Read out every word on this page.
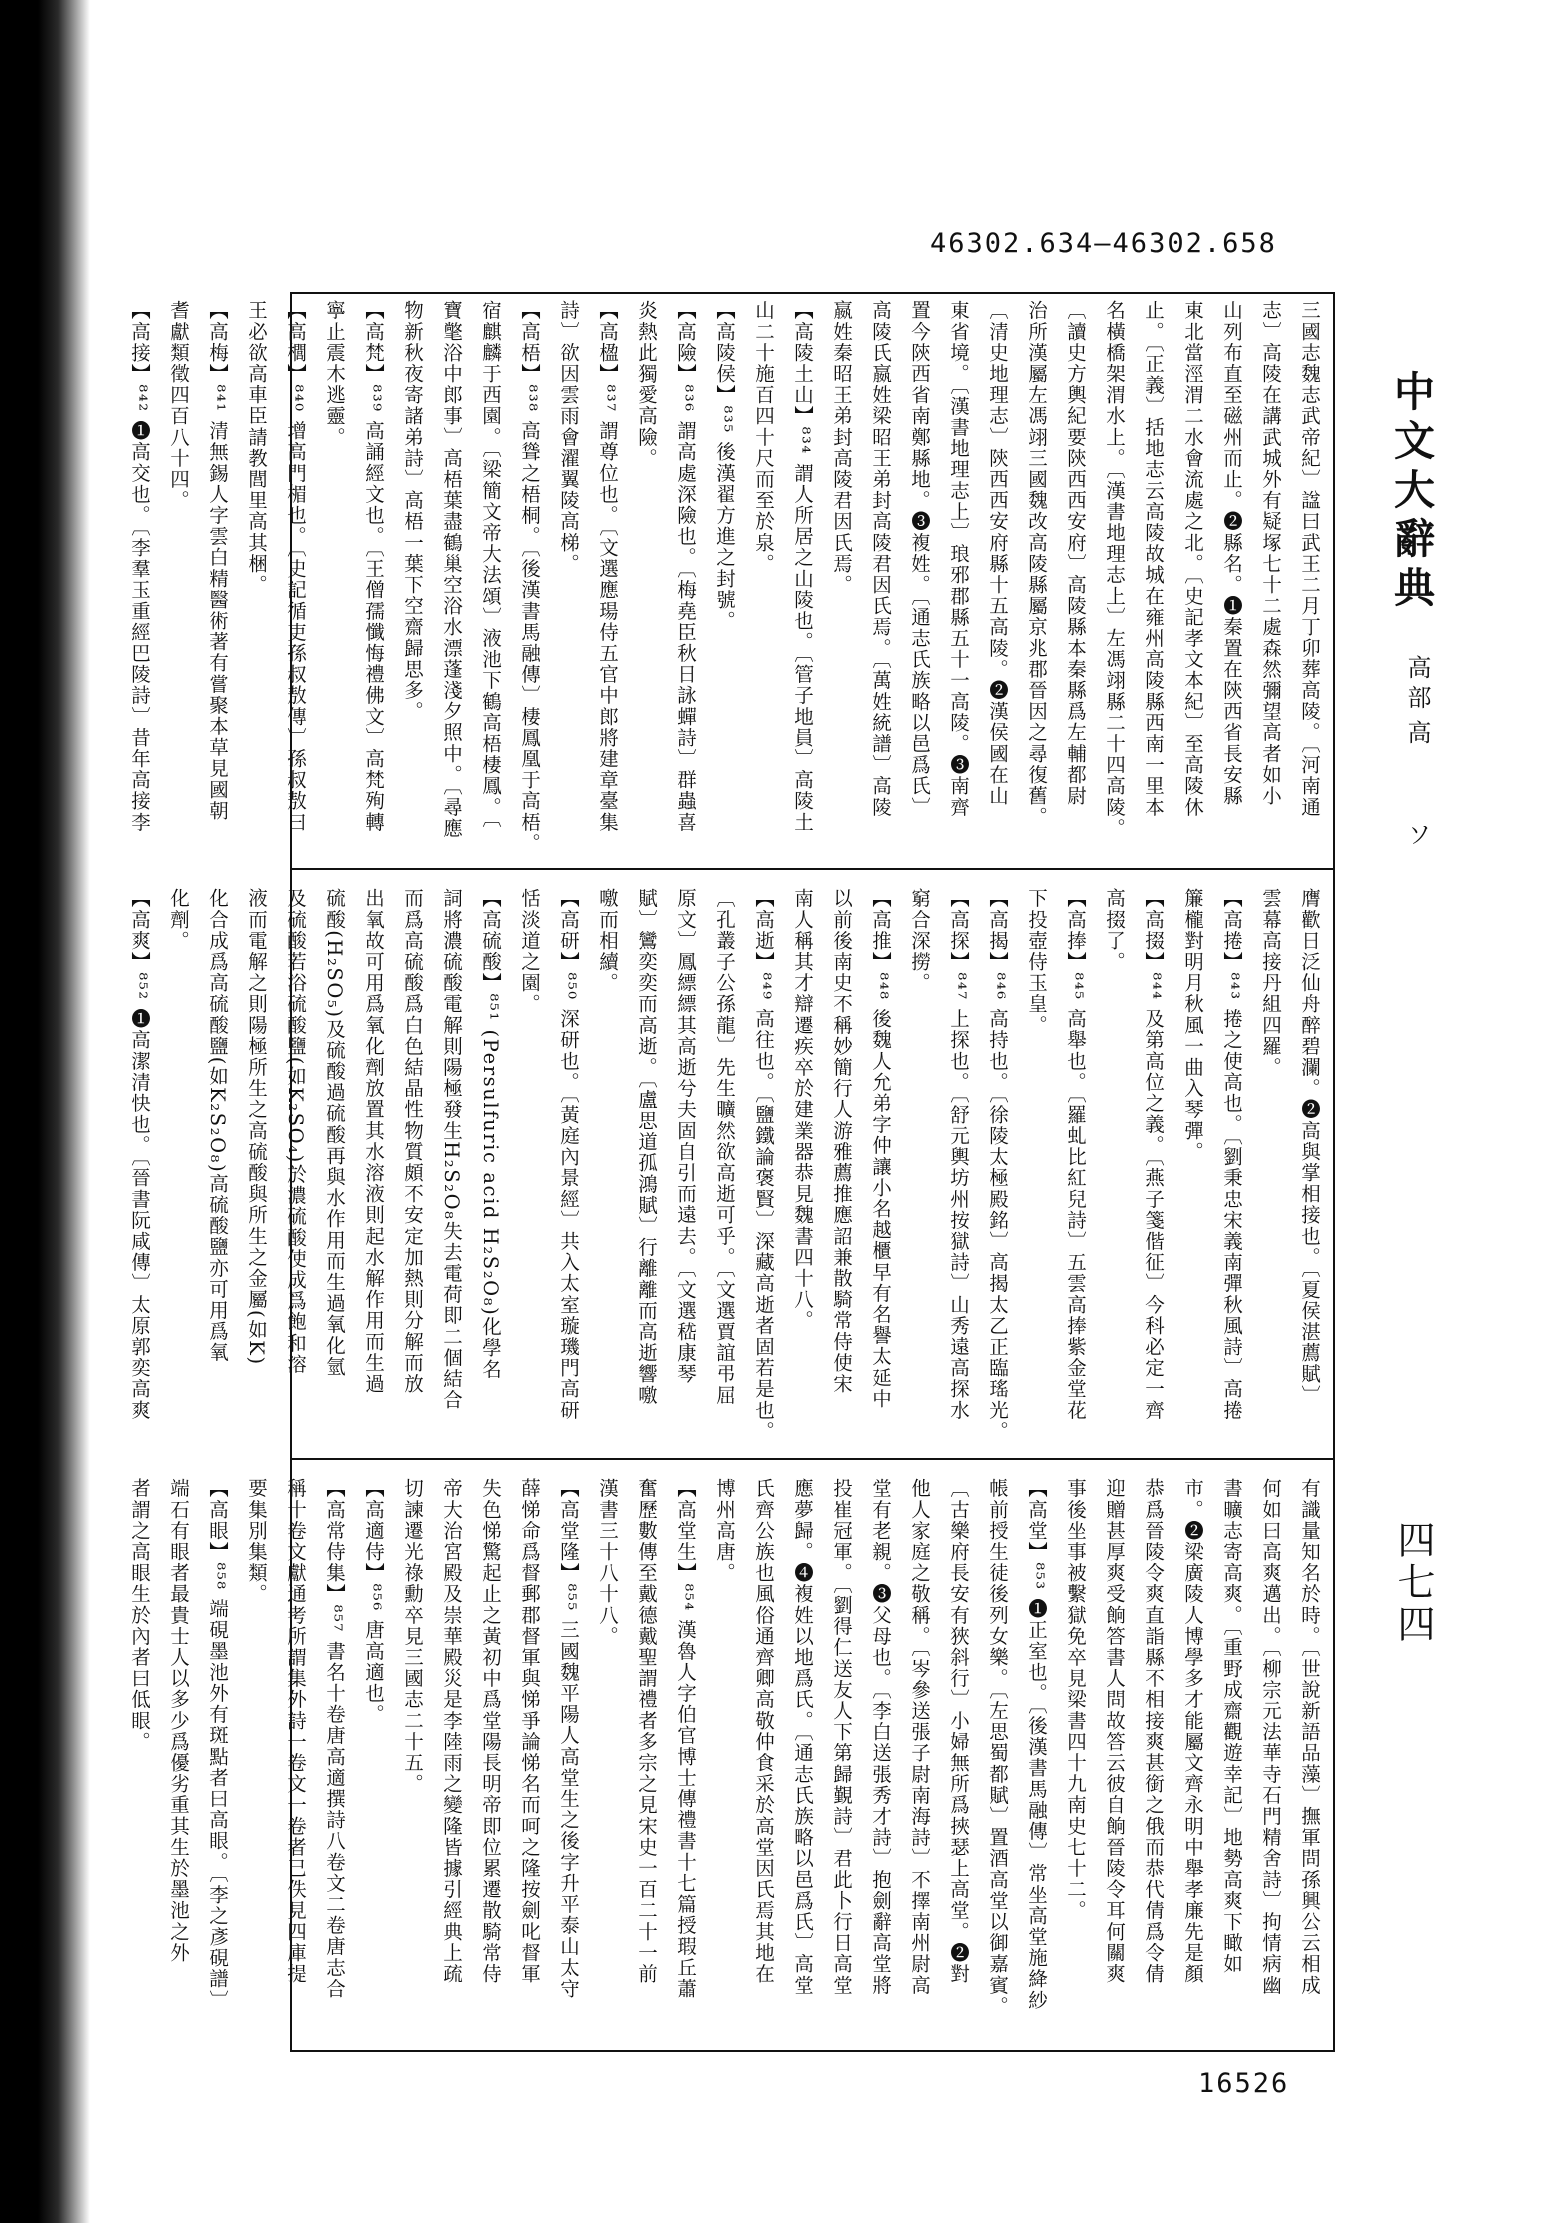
46302.634—46302.658
三國志魏志武帝紀〕諡曰武王二月丁卯葬高陵。〔河南通
志〕高陵在講武城外有疑塚七十二處森然彌望高者如小
山列布直至磁州而止。❷縣名。❶秦置在陝西省長安縣
東北當涇渭二水會流處之北。〔史記孝文本紀〕至高陵休
止。〔正義〕括地志云高陵故城在雍州高陵縣西南一里本
名橫橋架渭水上。〔漢書地理志上〕左馮翊縣二十四高陵。
〔讀史方輿紀要陝西西安府〕高陵縣本秦縣爲左輔都尉
治所漢屬左馮翊三國魏改高陵縣屬京兆郡晉因之尋復舊。
〔清史地理志〕陝西西安府縣十五高陵。❷漢侯國在山
東省境。〔漢書地理志上〕琅邪郡縣五十一高陵。❸南齊
置今陝西省南鄭縣地。❸複姓。〔通志氏族略以邑爲氏〕
高陵氏嬴姓梁昭王弟封高陵君因氏焉。〔萬姓統譜〕高陵
嬴姓秦昭王弟封高陵君因氏焉。
【高陵土山】⁸³⁴ 謂人所居之山陵也。〔管子地員〕高陵土
山二十施百四十尺而至於泉。
【高陵侯】⁸³⁵ 後漢翟方進之封號。
【高險】⁸³⁶ 謂高處深險也。〔梅堯臣秋日詠蟬詩〕群蟲喜
炎熱此獨愛高險。
【高楹】⁸³⁷ 謂尊位也。〔文選應瑒侍五官中郎將建章臺集
詩〕欲因雲雨會濯翼陵高梯。
【高梧】⁸³⁸ 高聳之梧桐。〔後漢書馬融傳〕棲鳳凰于高梧。
宿麒麟于西園。〔梁簡文帝大法頌〕液池下鶴高梧棲鳳。〔
寶氅浴中郎事〕高梧葉盡鶴巢空浴水漂蓬淺夕照中。〔尋應
物新秋夜寄諸弟詩〕高梧一葉下空齋歸思多。
【高梵】⁸³⁹ 高誦經文也。〔王僧孺懺悔禮佛文〕高梵殉轉
寧止震木逃靈。
【高櫚】⁸⁴⁰ 增高門楣也。〔史記循吏孫叔敖傳〕孫叔敖曰
王必欲高車臣請教閭里高其梱。
【高梅】⁸⁴¹ 清無錫人字雲白精醫術著有嘗聚本草見國朝
耆獻類徵四百八十四。
【高接】⁸⁴² ❶高交也。〔李羣玉重經巴陵詩〕昔年高接李
膺歡日泛仙舟醉碧瀾。❷高與掌相接也。〔夏侯湛薦賦〕
雲幕高接丹組四羅。
【高捲】⁸⁴³ 捲之使高也。〔劉秉忠宋義南彈秋風詩〕高捲
簾櫳對明月秋風一曲入琴彈。
【高掇】⁸⁴⁴ 及第高位之義。〔燕子箋偕征〕今科必定一齊
高掇了。
【高捧】⁸⁴⁵ 高舉也。〔羅虬比紅兒詩〕五雲高捧紫金堂花
下投壺侍玉皇。
【高揭】⁸⁴⁶ 高持也。〔徐陵太極殿銘〕高揭太乙正臨瑤光。
【高探】⁸⁴⁷ 上探也。〔舒元輿坊州按獄詩〕山秀遠高探水
窮合深撈。
【高推】⁸⁴⁸ 後魏人允弟字仲讓小名越櫃早有名譽太延中
以前後南史不稱妙簡行人游雅薦推應詔兼散騎常侍使宋
南人稱其才辯遷疾卒於建業器恭見魏書四十八。
【高逝】⁸⁴⁹ 高往也。〔鹽鐵論褒賢〕深藏高逝者固若是也。
〔孔叢子公孫龍〕先生曠然欲高逝可乎。〔文選賈誼弔屈
原文〕鳳縹縹其高逝兮夫固自引而遠去。〔文選嵇康琴
賦〕鸞奕奕而高逝。〔盧思道孤鴻賦〕行離離而高逝響噭
噭而相續。
【高研】⁸⁵⁰ 深研也。〔黃庭內景經〕共入太室璇璣門高研
恬淡道之園。
【高硫酸】⁸⁵¹ (Persulfuric acid H₂S₂O₈)化學名
詞將濃硫酸電解則陽極發生H₂S₂O₈失去電荷即二個結合
而爲高硫酸爲白色結晶性物質頗不安定加熱則分解而放
出氧故可用爲氧化劑放置其水溶液則起水解作用而生過
硫酸(H₂SO₅)及硫酸過硫酸再與水作用而生過氧化氫
及硫酸若浴硫酸鹽(如K₂SO₄)於濃硫酸使成爲飽和溶
液而電解之則陽極所生之高硫酸與所生之金屬(如K)
化合成爲高硫酸鹽(如K₂S₂O₈)高硫酸鹽亦可用爲氧
化劑。
【高爽】⁸⁵² ❶高潔清快也。〔晉書阮咸傳〕太原郭奕高爽
有識量知名於時。〔世說新語品藻〕撫軍問孫興公云相成
何如曰高爽邁出。〔柳宗元法華寺石門精舍詩〕拘情病幽
書曠志寄高爽。〔重野成齋觀遊幸記〕地勢高爽下瞰如
市。❷梁廣陵人博學多才能屬文齊永明中舉孝廉先是顏
恭爲晉陵令爽直詣縣不相接爽甚銜之俄而恭代倩爲令倩
迎贈甚厚爽受餉答書人問故答云彼自餉晉陵令耳何關爽
事後坐事被繫獄免卒見梁書四十九南史七十二。
【高堂】⁸⁵³ ❶正室也。〔後漢書馬融傳〕常坐高堂施絳紗
帳前授生徒後列女樂。〔左思蜀都賦〕置酒高堂以御嘉賓。
〔古樂府長安有狹斜行〕小婦無所爲挾瑟上高堂。❷對
他人家庭之敬稱。〔岑參送張子尉南海詩〕不擇南州尉高
堂有老親。❸父母也。〔李白送張秀才詩〕抱劍辭高堂將
投崔冠軍。〔劉得仁送友人下第歸覲詩〕君此卜行日高堂
應夢歸。❹複姓以地爲氏。〔通志氏族略以邑爲氏〕高堂
氏齊公族也風俗通齊卿高敬仲食采於高堂因氏焉其地在
博州高唐。
【高堂生】⁸⁵⁴ 漢魯人字伯官博士傳禮書十七篇授瑕丘蕭
奮歷數傳至戴德戴聖謂禮者多宗之見宋史一百二十一前
漢書三十八十八。
【高堂隆】⁸⁵⁵ 三國魏平陽人高堂生之後字升平泰山太守
薛悌命爲督郵郡督軍與悌爭論悌名而呵之隆按劍叱督軍
失色悌驚起止之黃初中爲堂陽長明帝即位累遷散騎常侍
帝大治宮殿及崇華殿災是李陸雨之變隆皆據引經典上疏
切諫遷光祿勳卒見三國志二十五。
【高適侍】⁸⁵⁶ 唐高適也。
【高常侍集】⁸⁵⁷ 書名十卷唐高適撰詩八卷文二卷唐志合
稱十卷文獻通考所謂集外詩一卷文一卷者已佚見四庫提
要集別集類。
【高眼】⁸⁵⁸ 端硯墨池外有斑點者曰高眼。〔李之彥硯譜〕
端石有眼者最貴士人以多少爲優劣重其生於墨池之外
者謂之高眼生於內者曰低眼。
中文大辭典
高部
高
ソ
四七四
16526
